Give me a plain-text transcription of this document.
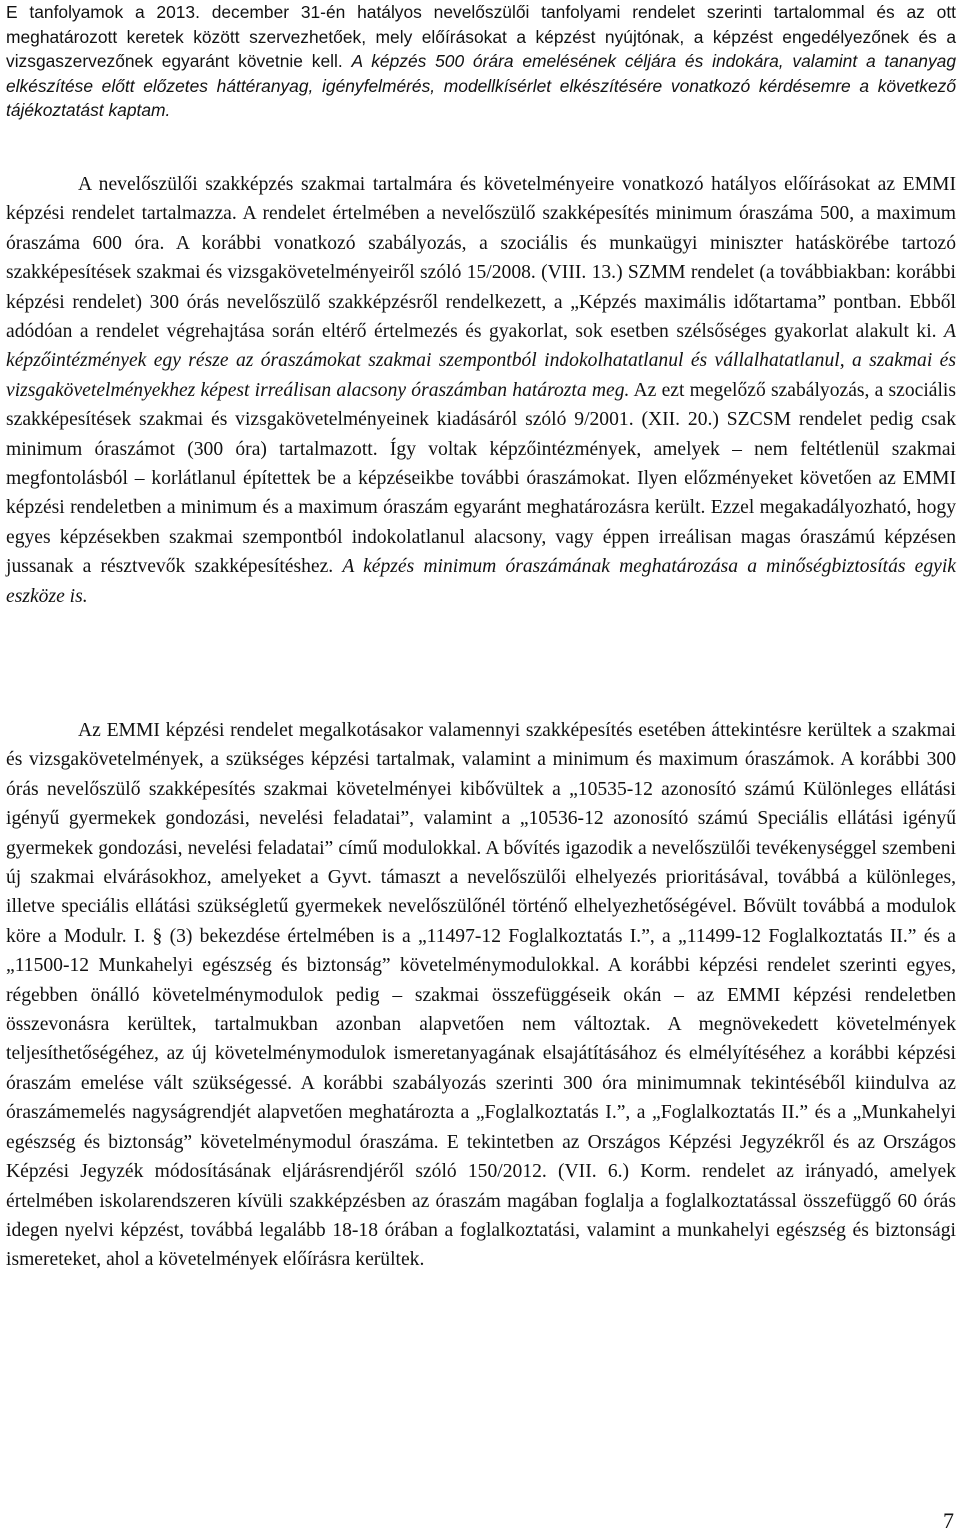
E tanfolyamok a 2013. december 31-én hatályos nevelőszülői tanfolyami rendelet szerinti tartalommal és az ott meghatározott keretek között szervezhetőek, mely előírásokat a képzést nyújtónak, a képzést engedélyezőnek és a vizsgaszervezőnek egyaránt követnie kell. A képzés 500 órára emelésének céljára és indokára, valamint a tananyag elkészítése előtt előzetes háttéranyag, igényfelmérés, modellkísérlet elkészítésére vonatkozó kérdésemre a következő tájékoztatást kaptam.

A nevelőszülői szakképzés szakmai tartalmára és követelményeire vonatkozó hatályos előírásokat az EMMI képzési rendelet tartalmazza. A rendelet értelmében a nevelőszülő szakképesítés minimum óraszáma 500, a maximum óraszáma 600 óra. A korábbi vonatkozó szabályozás, a szociális és munkaügyi miniszter hatáskörébe tartozó szakképesítések szakmai és vizsgakövetelményeiről szóló 15/2008. (VIII. 13.) SZMM rendelet (a továbbiakban: korábbi képzési rendelet) 300 órás nevelőszülő szakképzésről rendelkezett, a „Képzés maximális időtartama” pontban. Ebből adódóan a rendelet végrehajtása során eltérő értelmezés és gyakorlat, sok esetben szélsőséges gyakorlat alakult ki. A képzőintézmények egy része az óraszámokat szakmai szempontból indokolhatatlanul és vállalhatatlanul, a szakmai és vizsgakövetelményekhez képest irreálisan alacsony óraszámban határozta meg. Az ezt megelőző szabályozás, a szociális szakképesítések szakmai és vizsgakövetelményeinek kiadásáról szóló 9/2001. (XII. 20.) SZCSM rendelet pedig csak minimum óraszámot (300 óra) tartalmazott. Így voltak képzőintézmények, amelyek – nem feltétlenül szakmai megfontolásból – korlátlanul építettek be a képzéseikbe további óraszámokat. Ilyen előzményeket követően az EMMI képzési rendeletben a minimum és a maximum óraszám egyaránt meghatározásra került. Ezzel megakadályozható, hogy egyes képzésekben szakmai szempontból indokolatlanul alacsony, vagy éppen irreálisan magas óraszámú képzésen jussanak a résztvevők szakképesítéshez. A képzés minimum óraszámának meghatározása a minőségbiztosítás egyik eszköze is.

Az EMMI képzési rendelet megalkotásakor valamennyi szakképesítés esetében áttekintésre kerültek a szakmai és vizsgakövetelmények, a szükséges képzési tartalmak, valamint a minimum és maximum óraszámok. A korábbi 300 órás nevelőszülő szakképesítés szakmai követelményei kibővültek a „10535-12 azonosító számú Különleges ellátási igényű gyermekek gondozási, nevelési feladatai”, valamint a „10536-12 azonosító számú Speciális ellátási igényű gyermekek gondozási, nevelési feladatai” című modulokkal. A bővítés igazodik a nevelőszülői tevékenységgel szembeni új szakmai elvárásokhoz, amelyeket a Gyvt. támaszt a nevelőszülői elhelyezés prioritásával, továbbá a különleges, illetve speciális ellátási szükségletű gyermekek nevelőszülőnél történő elhelyezhetőségével. Bővült továbbá a modulok köre a Modulr. I. § (3) bekezdése értelmében is a „11497-12 Foglalkoztatás I.”, a „11499-12 Foglalkoztatás II.” és a „11500-12 Munkahelyi egészség és biztonság” követelménymodulokkal. A korábbi képzési rendelet szerinti egyes, régebben önálló követelménymodulok pedig – szakmai összefüggéseik okán – az EMMI képzési rendeletben összevonásra kerültek, tartalmukban azonban alapvetően nem változtak. A megnövekedett követelmények teljesíthetőségéhez, az új követelménymodulok ismeretanyagának elsajátításához és elmélyítéséhez a korábbi képzési óraszám emelése vált szükségessé. A korábbi szabályozás szerinti 300 óra minimumnak tekintéséből kiindulva az óraszámemelés nagyságrendjét alapvetően meghatározta a „Foglalkoztatás I.”, a „Foglalkoztatás II.” és a „Munkahelyi egészség és biztonság” követelménymodul óraszáma. E tekintetben az Országos Képzési Jegyzékről és az Országos Képzési Jegyzék módosításának eljárásrendjéről szóló 150/2012. (VII. 6.) Korm. rendelet az irányadó, amelyek értelmében iskolarendszeren kívüli szakképzésben az óraszám magában foglalja a foglalkoztatással összefüggő 60 órás idegen nyelvi képzést, továbbá legalább 18-18 órában a foglalkoztatási, valamint a munkahelyi egészség és biztonsági ismereteket, ahol a követelmények előírásra kerültek.

7
